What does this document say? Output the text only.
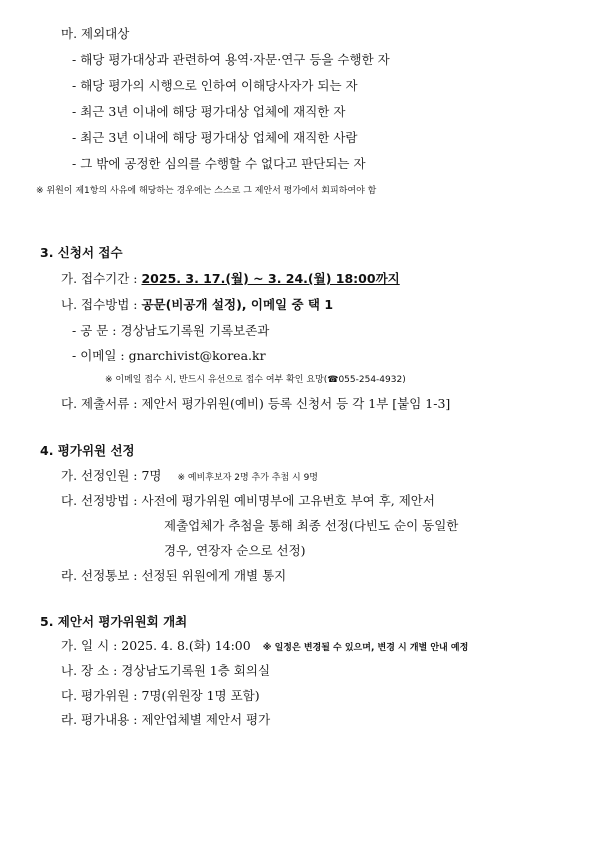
마. 제외대상
- 해당 평가대상과 관련하여 용역·자문·연구 등을 수행한 자
- 해당 평가의 시행으로 인하여 이해당사자가 되는 자
- 최근 3년 이내에 해당 평가대상 업체에 재직한 자
- 최근 3년 이내에 해당 평가대상 업체에 재직한 사람
- 그 밖에 공정한 심의를 수행할 수 없다고 판단되는 자
※ 위원이 제1항의 사유에 해당하는 경우에는 스스로 그 제안서 평가에서 회피하여야 함
3. 신청서 접수
가. 접수기간 : 2025. 3. 17.(월) ~ 3. 24.(월) 18:00까지
나. 접수방법 : 공문(비공개 설정), 이메일 중 택 1
- 공 문 : 경상남도기록원 기록보존과
- 이메일 : gnarchivist@korea.kr
※ 이메일 접수 시, 반드시 유선으로 접수 여부 확인 요망(☎055-254-4932)
다. 제출서류 : 제안서 평가위원(예비) 등록 신청서 등 각 1부 [붙임 1-3]
4. 평가위원 선정
가. 선정인원 : 7명 ※ 예비후보자 2명 추가 추첨 시 9명
다. 선정방법 : 사전에 평가위원 예비명부에 고유번호 부여 후, 제안서
제출업체가 추첨을 통해 최종 선정(다빈도 순이 동일한
경우, 연장자 순으로 선정)
라. 선정통보 : 선정된 위원에게 개별 통지
5. 제안서 평가위원회 개최
가. 일 시 : 2025. 4. 8.(화) 14:00 ※ 일정은 변경될 수 있으며, 변경 시 개별 안내 예정
나. 장 소 : 경상남도기록원 1층 회의실
다. 평가위원 : 7명(위원장 1명 포함)
라. 평가내용 : 제안업체별 제안서 평가
